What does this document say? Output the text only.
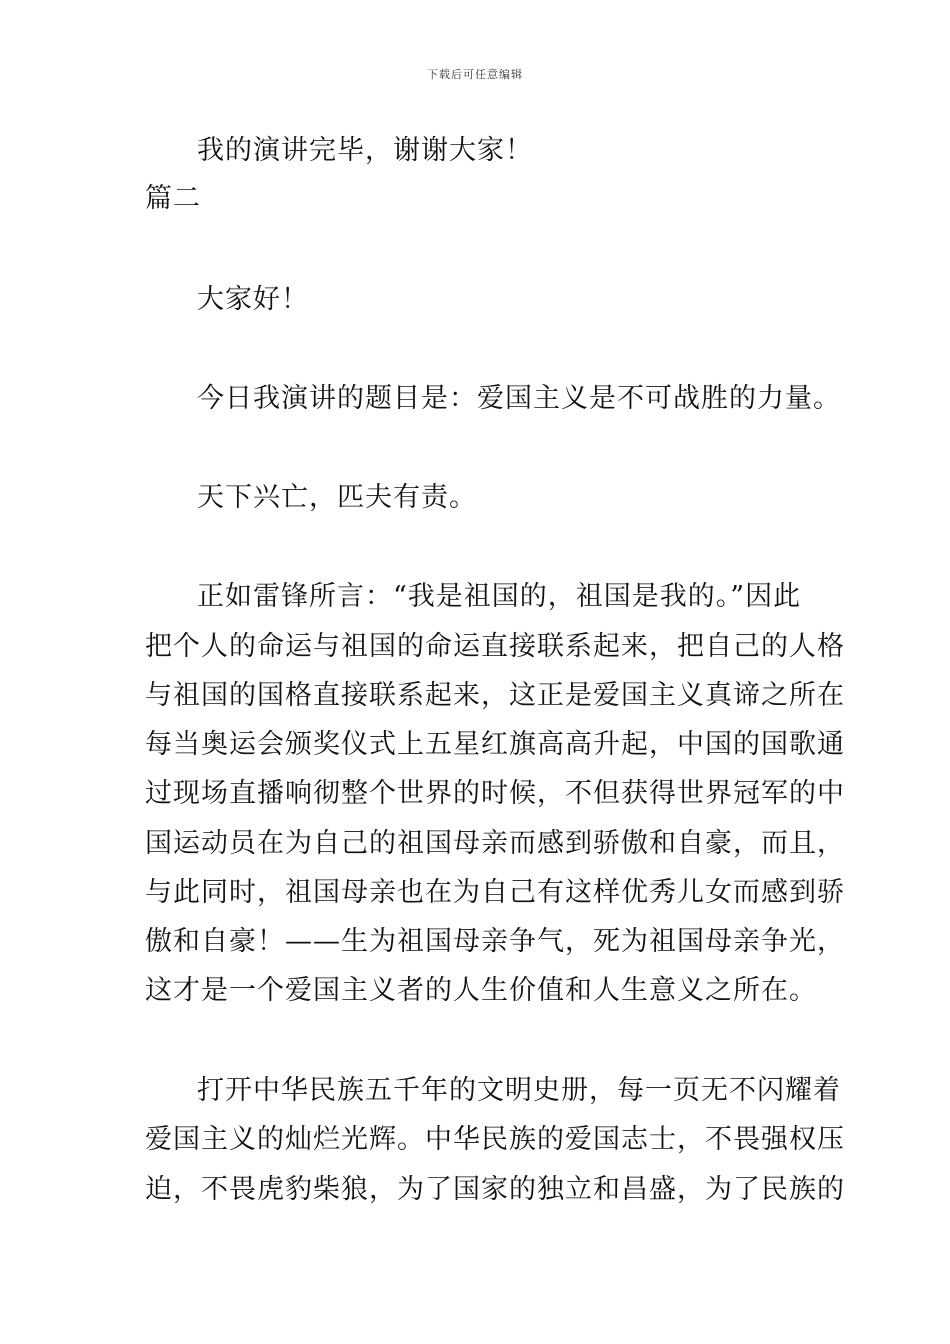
下载后可任意编辑
我的演讲完毕，谢谢大家！
篇二
大家好！
今日我演讲的题目是：爱国主义是不可战胜的力量。
天下兴亡，匹夫有责。
正如雷锋所言：“我是祖国的，祖国是我的。”因此
把个人的命运与祖国的命运直接联系起来，把自己的人格
与祖国的国格直接联系起来，这正是爱国主义真谛之所在
每当奥运会颁奖仪式上五星红旗高高升起，中国的国歌通
过现场直播响彻整个世界的时候，不但获得世界冠军的中
国运动员在为自己的祖国母亲而感到骄傲和自豪，而且，
与此同时，祖国母亲也在为自己有这样优秀儿女而感到骄
傲和自豪！——生为祖国母亲争气，死为祖国母亲争光，
这才是一个爱国主义者的人生价值和人生意义之所在。
打开中华民族五千年的文明史册，每一页无不闪耀着
爱国主义的灿烂光辉。中华民族的爱国志士，不畏强权压
迫，不畏虎豹柴狼，为了国家的独立和昌盛，为了民族的
